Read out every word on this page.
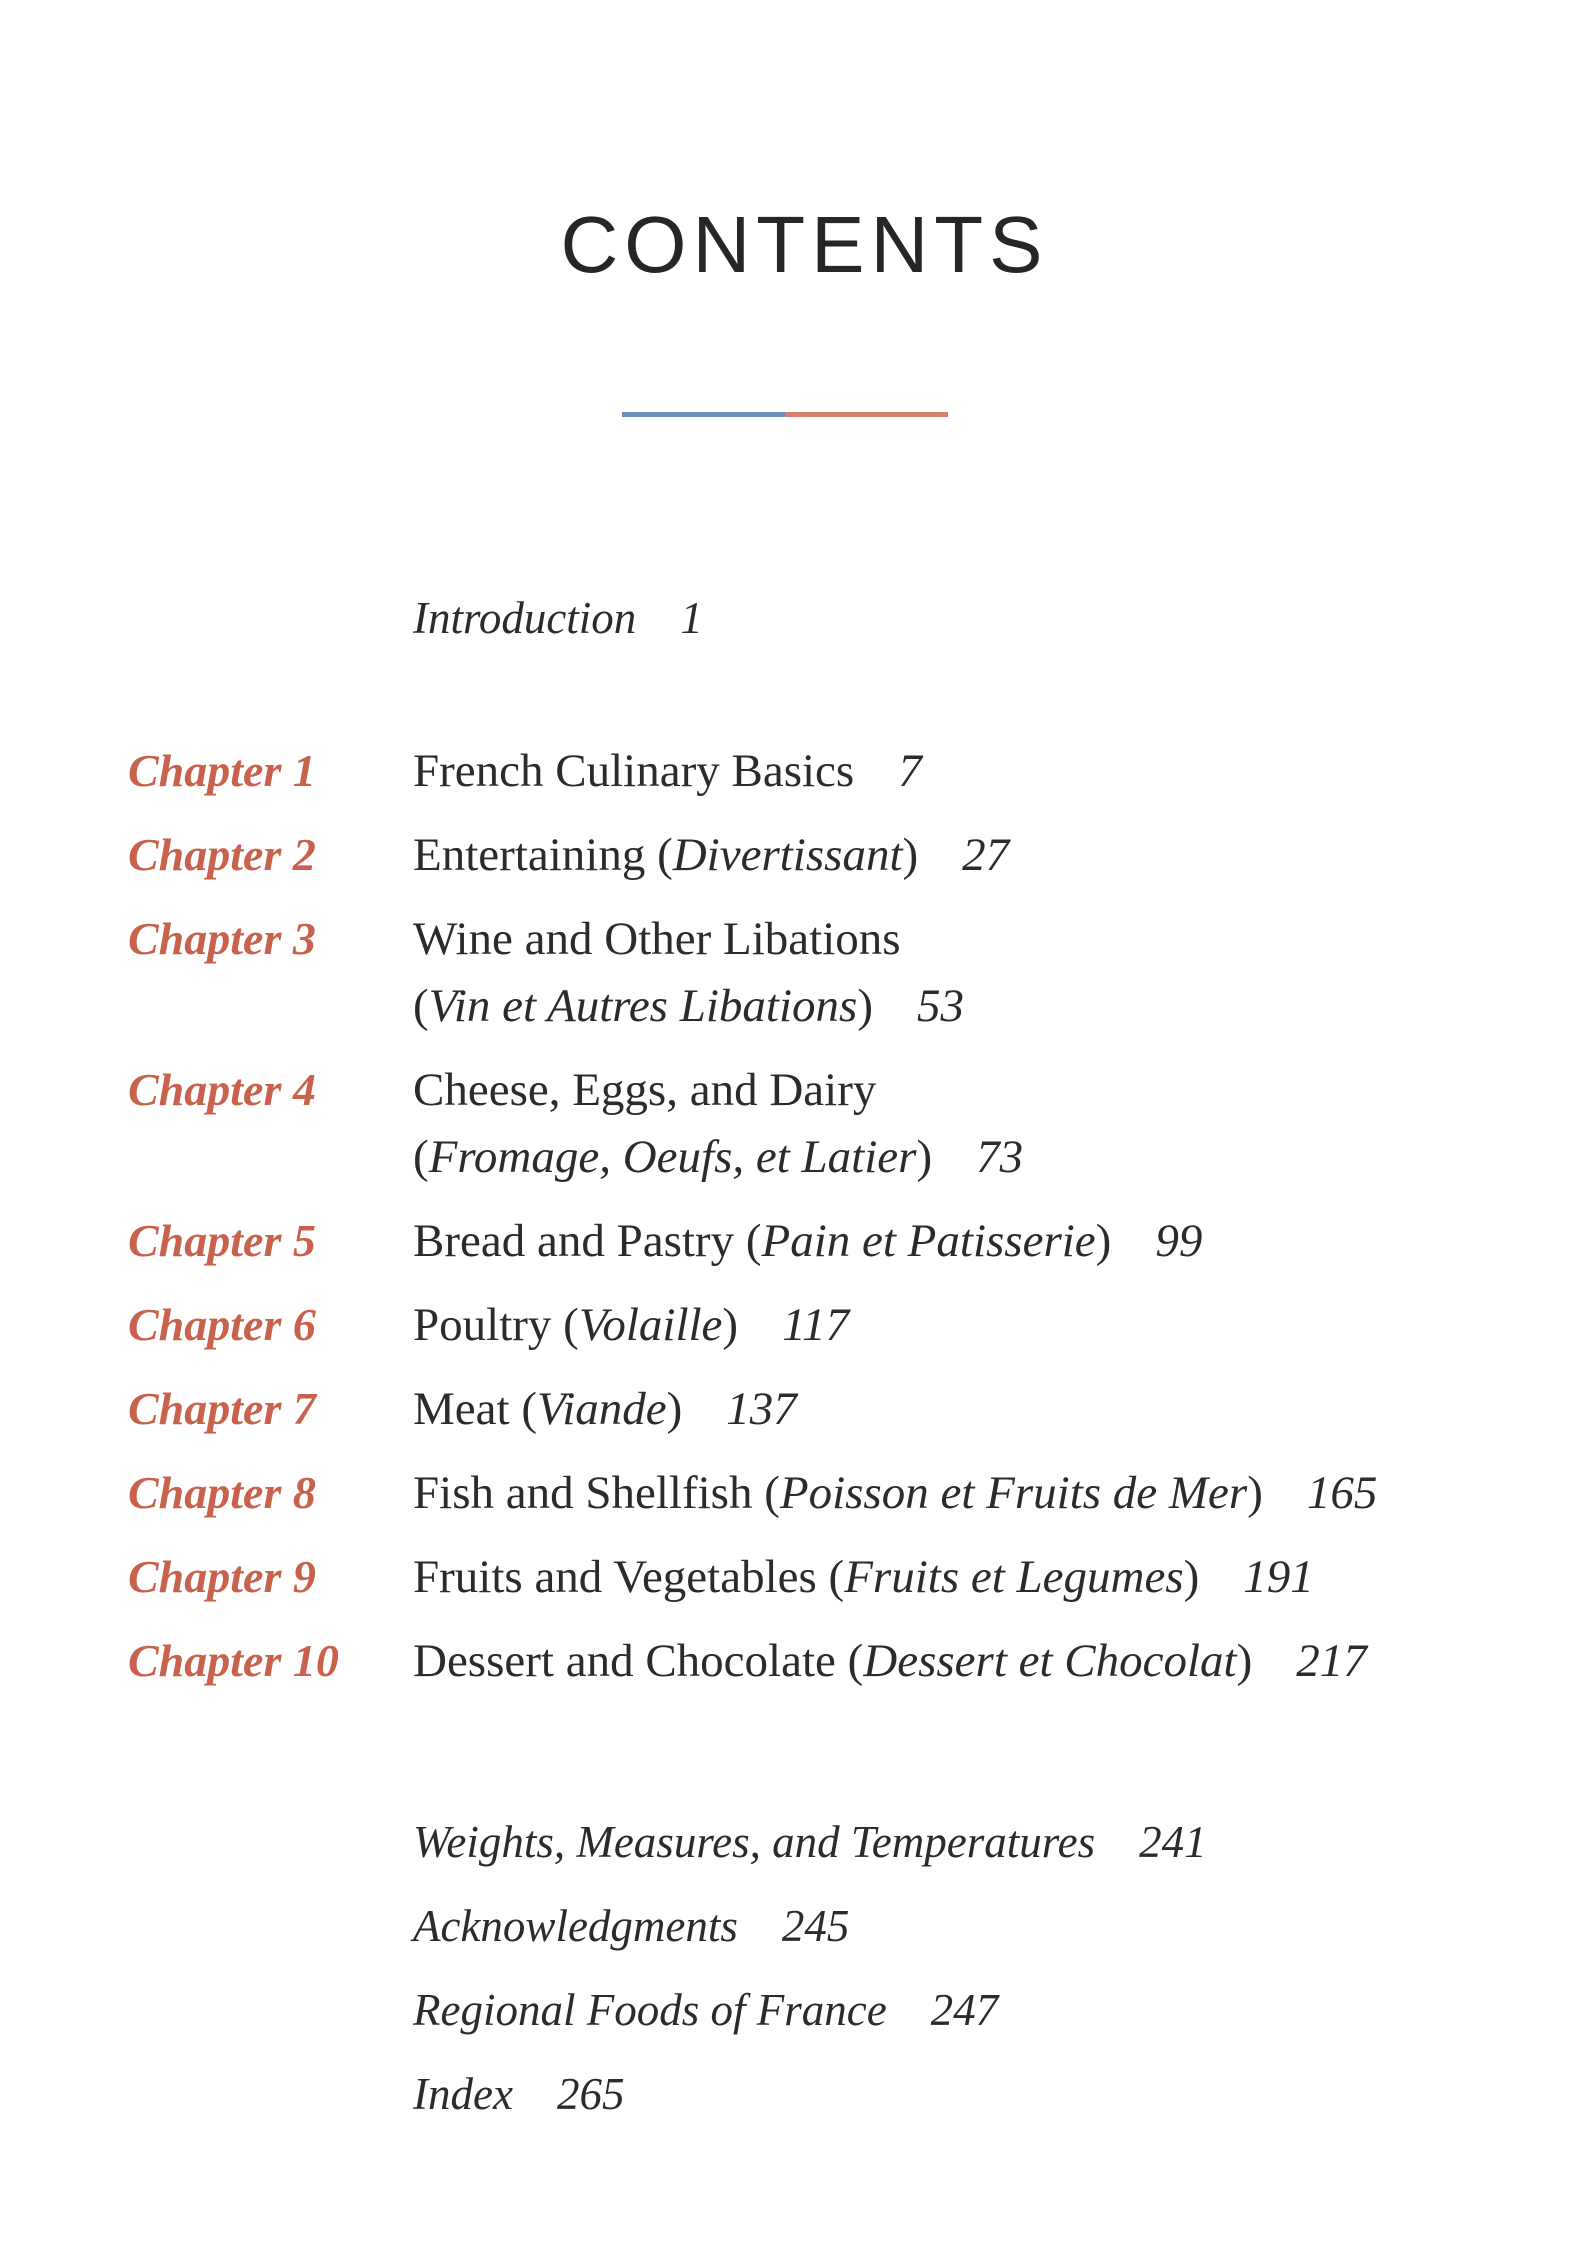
CONTENTS
Introduction 1
Chapter 1 French Culinary Basics 7
Chapter 2 Entertaining (Divertissant) 27
Chapter 3 Wine and Other Libations
(Vin et Autres Libations) 53
Chapter 4 Cheese, Eggs, and Dairy
(Fromage, Oeufs, et Latier) 73
Chapter 5 Bread and Pastry (Pain et Patisserie) 99
Chapter 6 Poultry (Volaille) 117
Chapter 7 Meat (Viande) 137
Chapter 8 Fish and Shellfish (Poisson et Fruits de Mer) 165
Chapter 9 Fruits and Vegetables (Fruits et Legumes) 191
Chapter 10 Dessert and Chocolate (Dessert et Chocolat) 217
Weights, Measures, and Temperatures 241
Acknowledgments 245
Regional Foods of France 247
Index 265
